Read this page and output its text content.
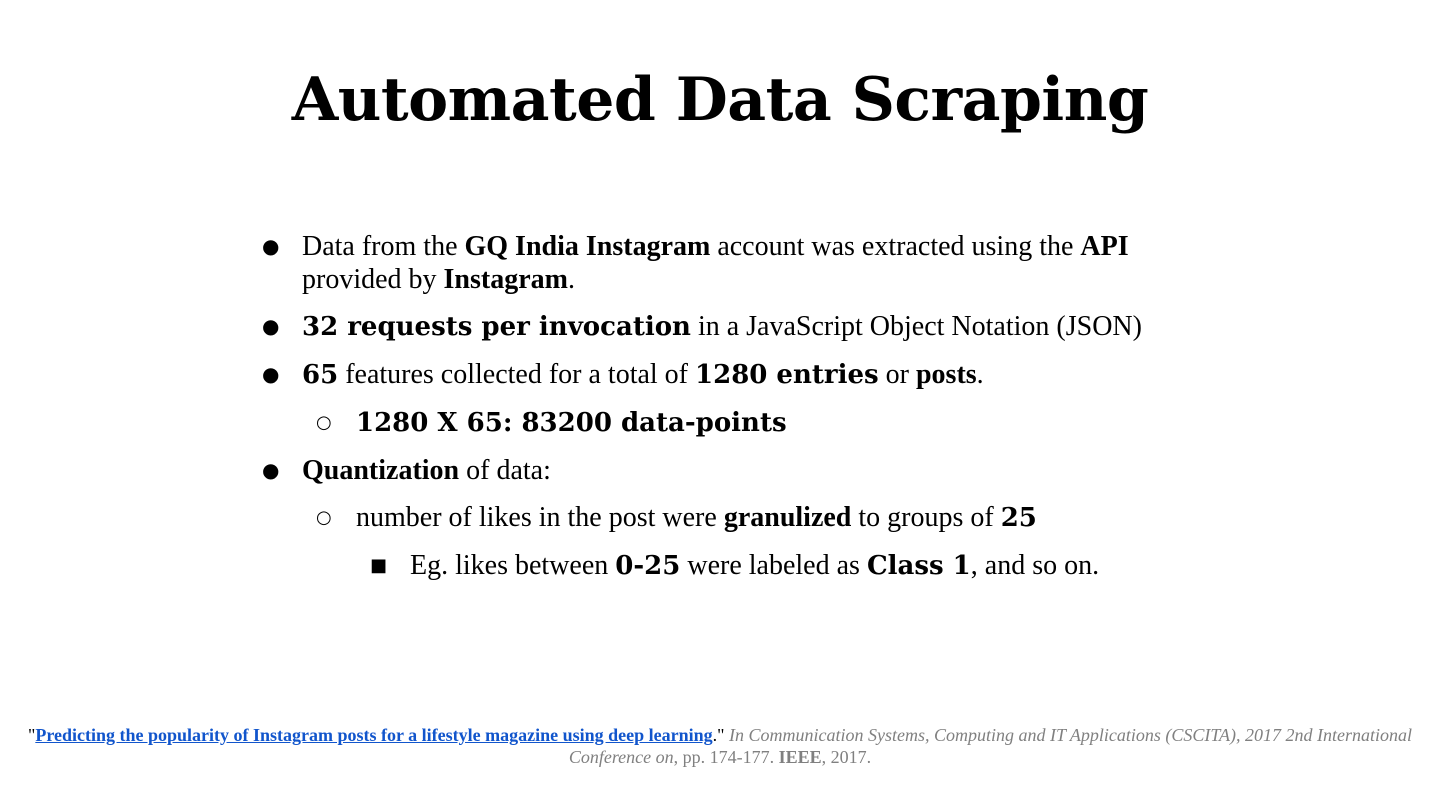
Automated Data Scraping
● Data from the GQ India Instagram account was extracted using the API provided by Instagram.
● 32 requests per invocation in a JavaScript Object Notation (JSON)
● 65 features collected for a total of 1280 entries or posts.
○ 1280 X 65: 83200 data-points
● Quantization of data:
○ number of likes in the post were granulized to groups of 25
■ Eg. likes between 0-25 were labeled as Class 1, and so on.
"Predicting the popularity of Instagram posts for a lifestyle magazine using deep learning." In Communication Systems, Computing and IT Applications (CSCITA), 2017 2nd International Conference on, pp. 174-177. IEEE, 2017.
